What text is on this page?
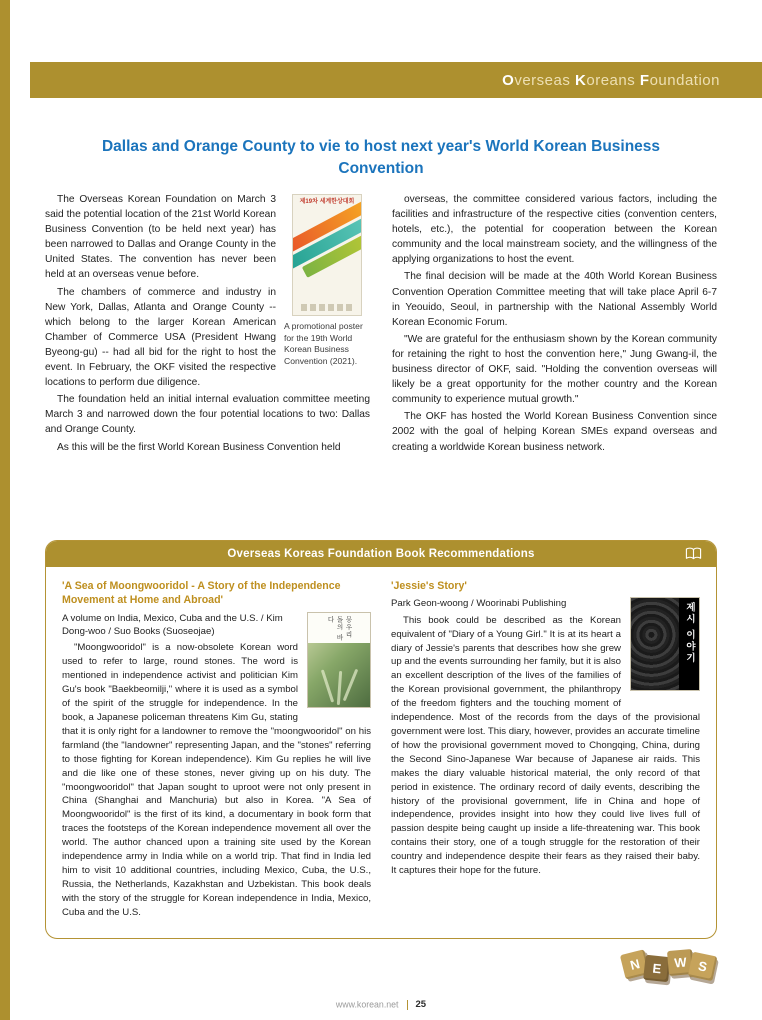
Overseas Koreans Foundation
Dallas and Orange County to vie to host next year's World Korean Business Convention
제19차 세계한상대회
A promotional poster for the 19th World Korean Business Convention (2021).

The Overseas Korean Foundation on March 3 said the potential location of the 21st World Korean Business Convention (to be held next year) has been narrowed to Dallas and Orange County in the United States. The convention has never been held at an overseas venue before.

The chambers of commerce and industry in New York, Dallas, Atlanta and Orange County -- which belong to the larger Korean American Chamber of Commerce USA (President Hwang Byeong-gu) -- had all bid for the right to host the event. In February, the OKF visited the respective locations to perform due diligence.

The foundation held an initial internal evaluation committee meeting March 3 and narrowed down the four potential locations to two: Dallas and Orange County.

As this will be the first World Korean Business Convention held

overseas, the committee considered various factors, including the facilities and infrastructure of the respective cities (convention centers, hotels, etc.), the potential for cooperation between the Korean community and the local mainstream society, and the willingness of the applying organizations to host the event.

The final decision will be made at the 40th World Korean Business Convention Operation Committee meeting that will take place April 6-7 in Yeouido, Seoul, in partnership with the National Assembly World Korean Economic Forum.

"We are grateful for the enthusiasm shown by the Korean community for retaining the right to host the convention here," Jung Gwang-il, the business director of OKF, said. "Holding the convention overseas will likely be a great opportunity for the mother country and the Korean community to experience mutual growth."

The OKF has hosted the World Korean Business Convention since 2002 with the goal of helping Korean SMEs expand overseas and creating a worldwide Korean business network.

Overseas Koreas Foundation Book Recommendations
'A Sea of Moongwooridol - A Story of the Independence Movement at Home and Abroad'
뭉우리돌의 바다

A volume on India, Mexico, Cuba and the U.S. / Kim Dong-woo / Suo Books (Suoseojae)

"Moongwooridol" is a now-obsolete Korean word used to refer to large, round stones. The word is mentioned in independence activist and politician Kim Gu's book "Baekbeomilji," where it is used as a symbol of the spirit of the struggle for independence. In the book, a Japanese policeman threatens Kim Gu, stating that it is only right for a landowner to remove the "moongwooridol" on his farmland (the "landowner" representing Japan, and the "stones" referring to those fighting for Korean independence). Kim Gu replies he will live and die like one of these stones, never giving up on his duty. The "moongwooridol" that Japan sought to uproot were not only present in China (Shanghai and Manchuria) but also in Korea. "A Sea of Moongwooridol" is the first of its kind, a documentary in book form that traces the footsteps of the Korean independence movement all over the world. The author chanced upon a training site used by the Korean independence army in India while on a world trip. That find in India led him to visit 10 additional countries, including Mexico, Cuba, the U.S., Russia, the Netherlands, Kazakhstan and Uzbekistan. This book deals with the story of the struggle for Korean independence in India, Mexico, Cuba and the U.S.

'Jessie's Story'
제시 이야기

Park Geon-woong / Woorinabi Publishing

This book could be described as the Korean equivalent of "Diary of a Young Girl." It is at its heart a diary of Jessie's parents that describes how she grew up and the events surrounding her family, but it is also an excellent description of the lives of the families of the Korean provisional government, the philanthropy of the freedom fighters and the touching moment of independence. Most of the records from the days of the provisional government were lost. This diary, however, provides an accurate timeline of how the provisional government moved to Chongqing, China, during the Second Sino-Japanese War because of Japanese air raids. This makes the diary valuable historical material, the only record of that period in existence. The ordinary record of daily events, describing the history of the provisional government, life in China and hope of independence, provides insight into how they could live lives full of passion despite being caught up inside a life-threatening war. This book contains their story, one of a tough struggle for the restoration of their country and independence despite their fears as they raised their baby. It captures their hope for the future.

N E W S
www.korean.net 25
